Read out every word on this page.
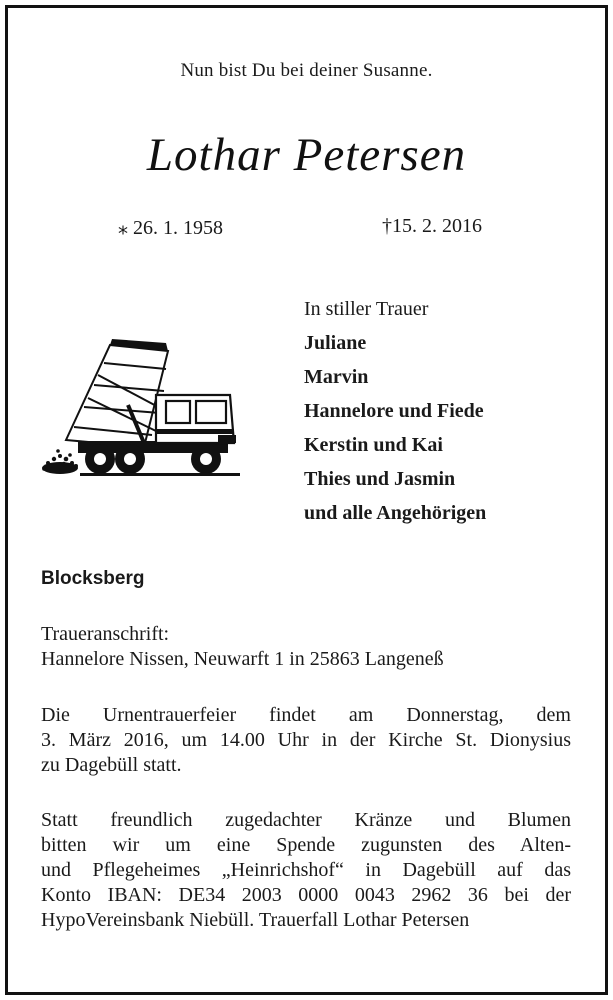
Nun bist Du bei deiner Susanne.
Lothar Petersen
⁎ 26. 1. 1958	†15. 2. 2016
In stiller Trauer
Juliane
Marvin
Hannelore und Fiede
Kerstin und Kai
Thies und Jasmin
und alle Angehörigen
Blocksberg
Traueranschrift:
Hannelore Nissen, Neuwarft 1 in 25863 Langeneß
Die Urnentrauerfeier findet am Donnerstag, dem
3. März 2016, um 14.00 Uhr in der Kirche St. Dionysius
zu Dagebüll statt.
Statt freundlich zugedachter Kränze und Blumen
bitten wir um eine Spende zugunsten des Alten-
und Pflegeheimes „Heinrichshof“ in Dagebüll auf das
Konto IBAN: DE34 2003 0000 0043 2962 36 bei der
HypoVereinsbank Niebüll. Trauerfall Lothar Petersen
